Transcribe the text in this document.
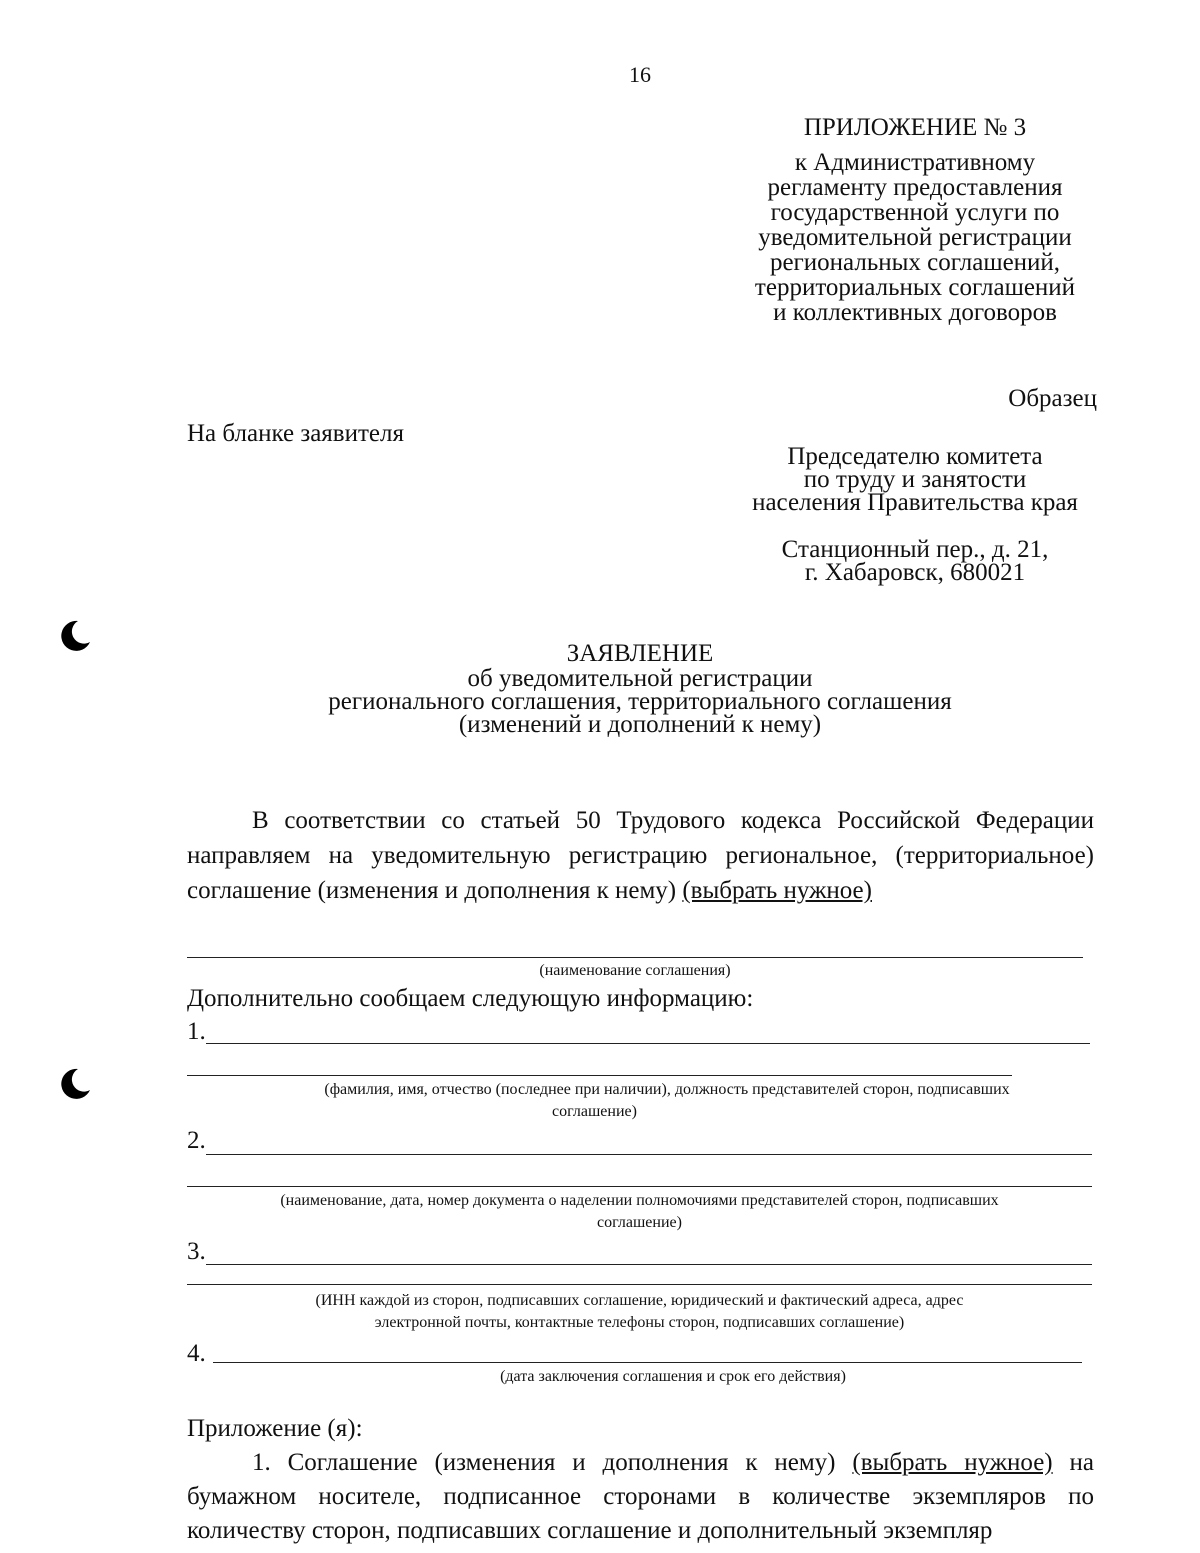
16
ПРИЛОЖЕНИЕ № 3
к Административному
регламенту предоставления
государственной услуги по
уведомительной регистрации
региональных соглашений,
территориальных соглашений
и коллективных договоров
Образец
На бланке заявителя
Председателю комитета
по труду и занятости
населения Правительства края
Станционный пер., д. 21,
г. Хабаровск, 680021
ЗАЯВЛЕНИЕ
об уведомительной регистрации
регионального соглашения, территориального соглашения
(изменений и дополнений к нему)
В соответствии со статьей 50 Трудового кодекса Российской Федерации направляем на уведомительную регистрацию региональное, (территориальное) соглашение (изменения и дополнения к нему) (выбрать нужное)
(наименование соглашения)
Дополнительно сообщаем следующую информацию:
1.
(фамилия, имя, отчество (последнее при наличии), должность представителей сторон, подписавших
соглашение)
2.
(наименование, дата, номер документа о наделении полномочиями представителей сторон, подписавших
соглашение)
3.
(ИНН каждой из сторон, подписавших соглашение, юридический и фактический адреса, адрес
электронной почты, контактные телефоны сторон, подписавших соглашение)
4.
(дата заключения соглашения и срок его действия)
Приложение (я):
1. Соглашение (изменения и дополнения к нему) (выбрать нужное) на бумажном носителе, подписанное сторонами в количестве экземпляров по количеству сторон, подписавших соглашение и дополнительный экземпляр
